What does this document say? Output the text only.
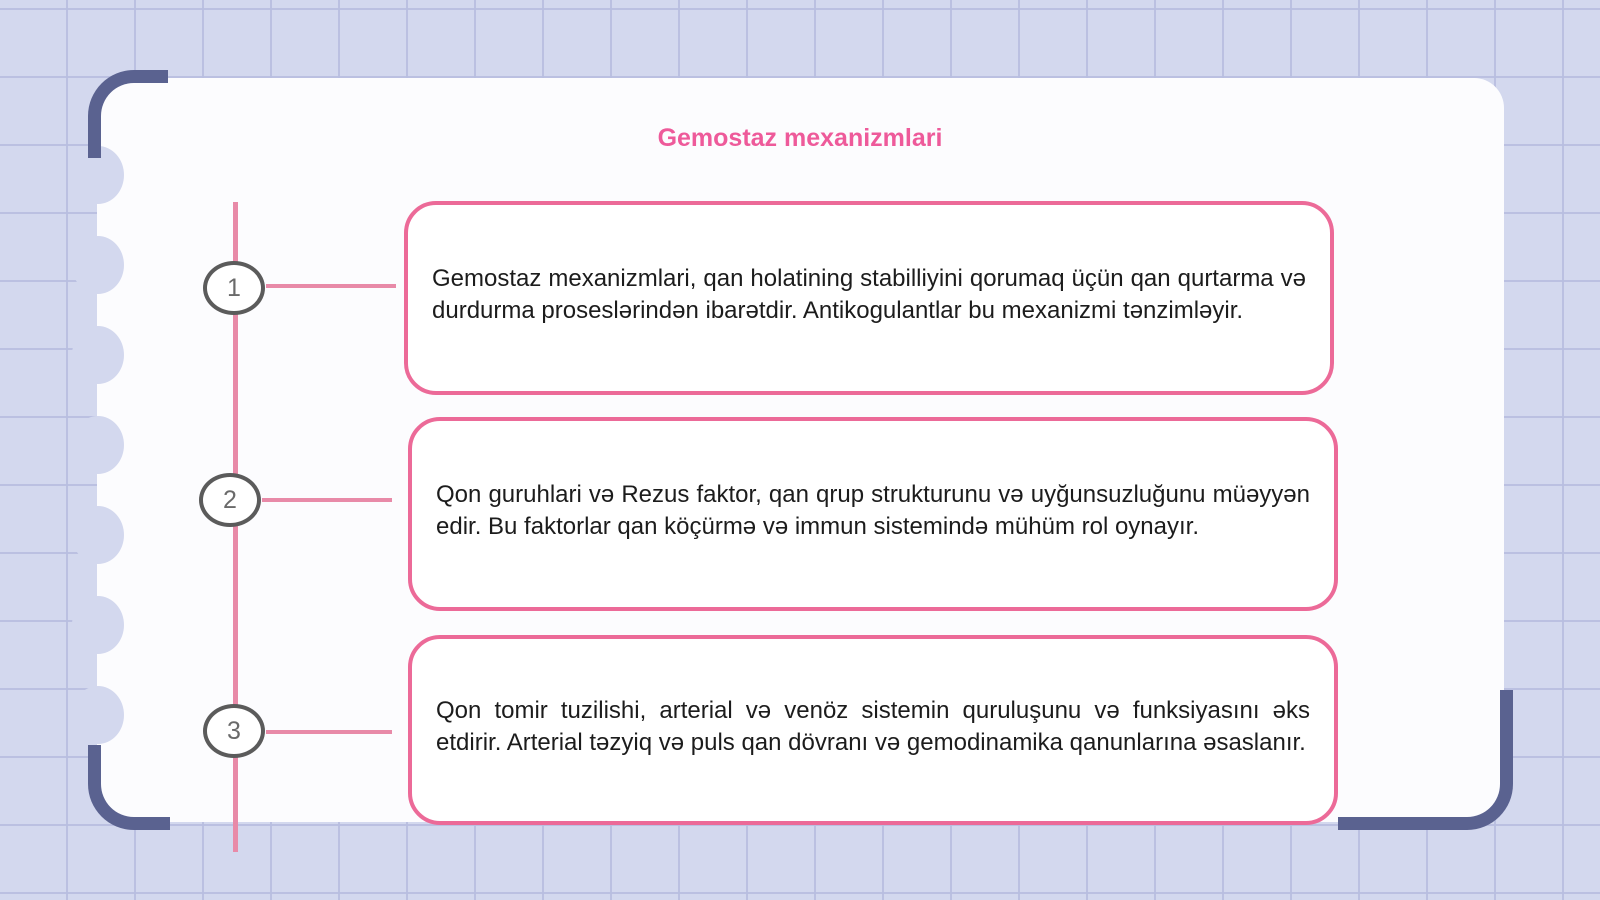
Gemostaz mexanizmlari
1	Gemostaz mexanizmlari, qan holatining stabilliyini qorumaq üçün qan qurtarma və durdurma proseslərindən ibarətdir. Antikogulantlar bu mexanizmi tənzimləyir.

2	Qon guruhlari və Rezus faktor, qan qrup strukturunu və uyğunsuzluğunu müəyyən edir. Bu faktorlar qan köçürmə və immun sistemində mühüm rol oynayır.

3

Qon tomir tuzilishi, arterial və venöz sistemin quruluşunu və funksiyasını əks etdirir. Arterial təzyiq və puls qan dövranı və gemodinamika qanunlarına əsaslanır.
